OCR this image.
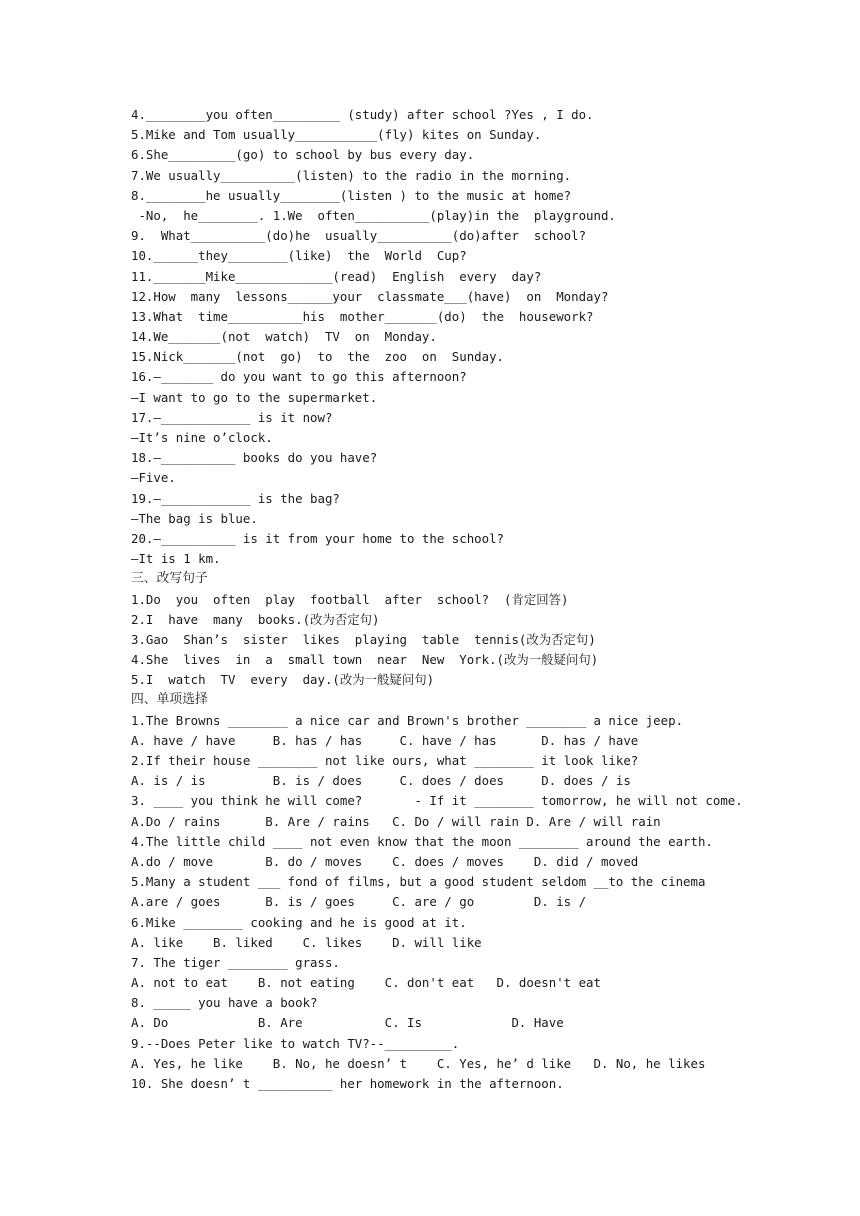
4.________you often_________ (study) after school ?Yes , I do.
5.Mike and Tom usually___________(fly) kites on Sunday.
6.She_________(go) to school by bus every day.
7.We usually__________(listen) to the radio in the morning.
8.________he usually________(listen ) to the music at home?
-No,  he________. 1.We  often__________(play)in the  playground.
9.  What__________(do)he  usually__________(do)after  school?
10.______they________(like)  the  World  Cup?
11._______Mike_____________(read)  English  every  day?
12.How  many  lessons______your  classmate___(have)  on  Monday?
13.What  time__________his  mother_______(do)  the  housework?
14.We_______(not  watch)  TV  on  Monday.
15.Nick_______(not  go)  to  the  zoo  on  Sunday.
16.—_______ do you want to go this afternoon?
—I want to go to the supermarket.
17.—____________ is it now?
—It’s nine o’clock.
18.—__________ books do you have?
—Five.
19.—____________ is the bag?
—The bag is blue.
20.—__________ is it from your home to the school?
—It is 1 km.
三、改写句子
1.Do  you  often  play  football  after  school?  (肯定回答)
2.I  have  many  books.(改为否定句)
3.Gao  Shan’s  sister  likes  playing  table  tennis(改为否定句)
4.She  lives  in  a  small town  near  New  York.(改为一般疑问句)
5.I  watch  TV  every  day.(改为一般疑问句)
四、单项选择
1.The Browns ________ a nice car and Brown's brother ________ a nice jeep.
A. have / have     B. has / has     C. have / has      D. has / have
2.If their house ________ not like ours, what ________ it look like?
A. is / is         B. is / does     C. does / does     D. does / is
3. ____ you think he will come?       - If it ________ tomorrow, he will not come.
A.Do / rains      B. Are / rains   C. Do / will rain D. Are / will rain
4.The little child ____ not even know that the moon ________ around the earth.
A.do / move       B. do / moves    C. does / moves    D. did / moved
5.Many a student ___ fond of films, but a good student seldom __to the cinema
A.are / goes      B. is / goes     C. are / go        D. is /
6.Mike ________ cooking and he is good at it.
A. like    B. liked    C. likes    D. will like
7. The tiger ________ grass.
A. not to eat    B. not eating    C. don't eat   D. doesn't eat
8. _____ you have a book?
A. Do            B. Are           C. Is            D. Have
9.--Does Peter like to watch TV?--_________.
A. Yes, he like    B. No, he doesn’ t    C. Yes, he’ d like   D. No, he likes
10. She doesn’ t __________ her homework in the afternoon.
